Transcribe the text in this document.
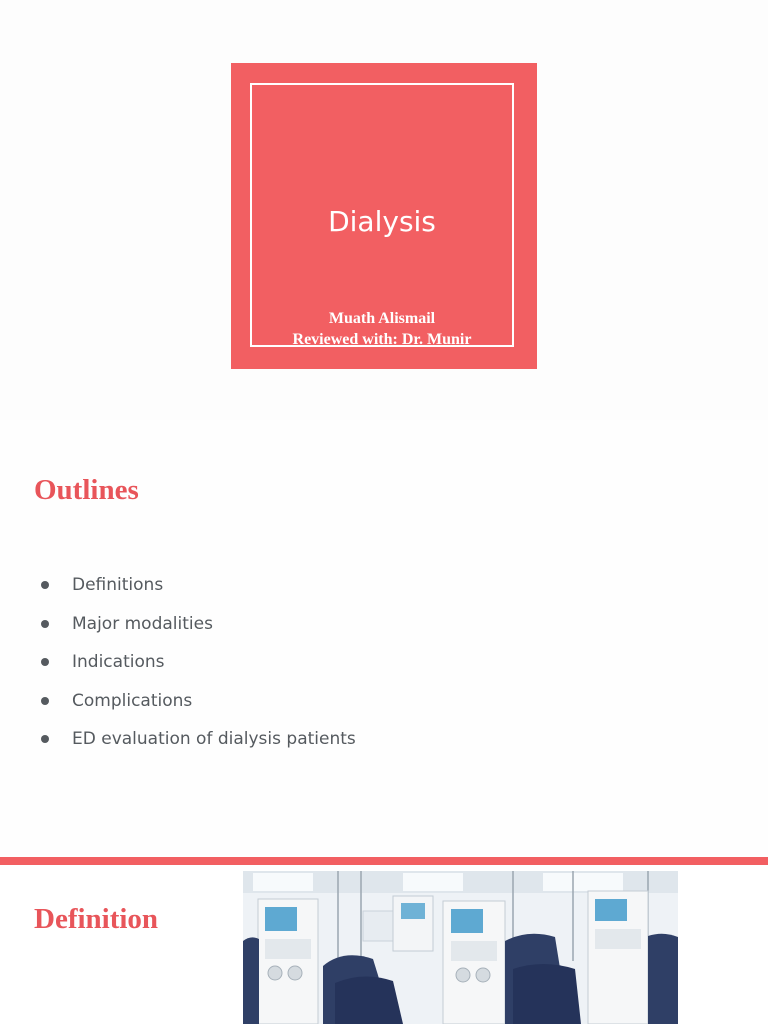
Dialysis
Muath Alismail
Reviewed with: Dr. Munir
Outlines
Definitions
Major modalities
Indications
Complications
ED evaluation of dialysis patients
Definition
